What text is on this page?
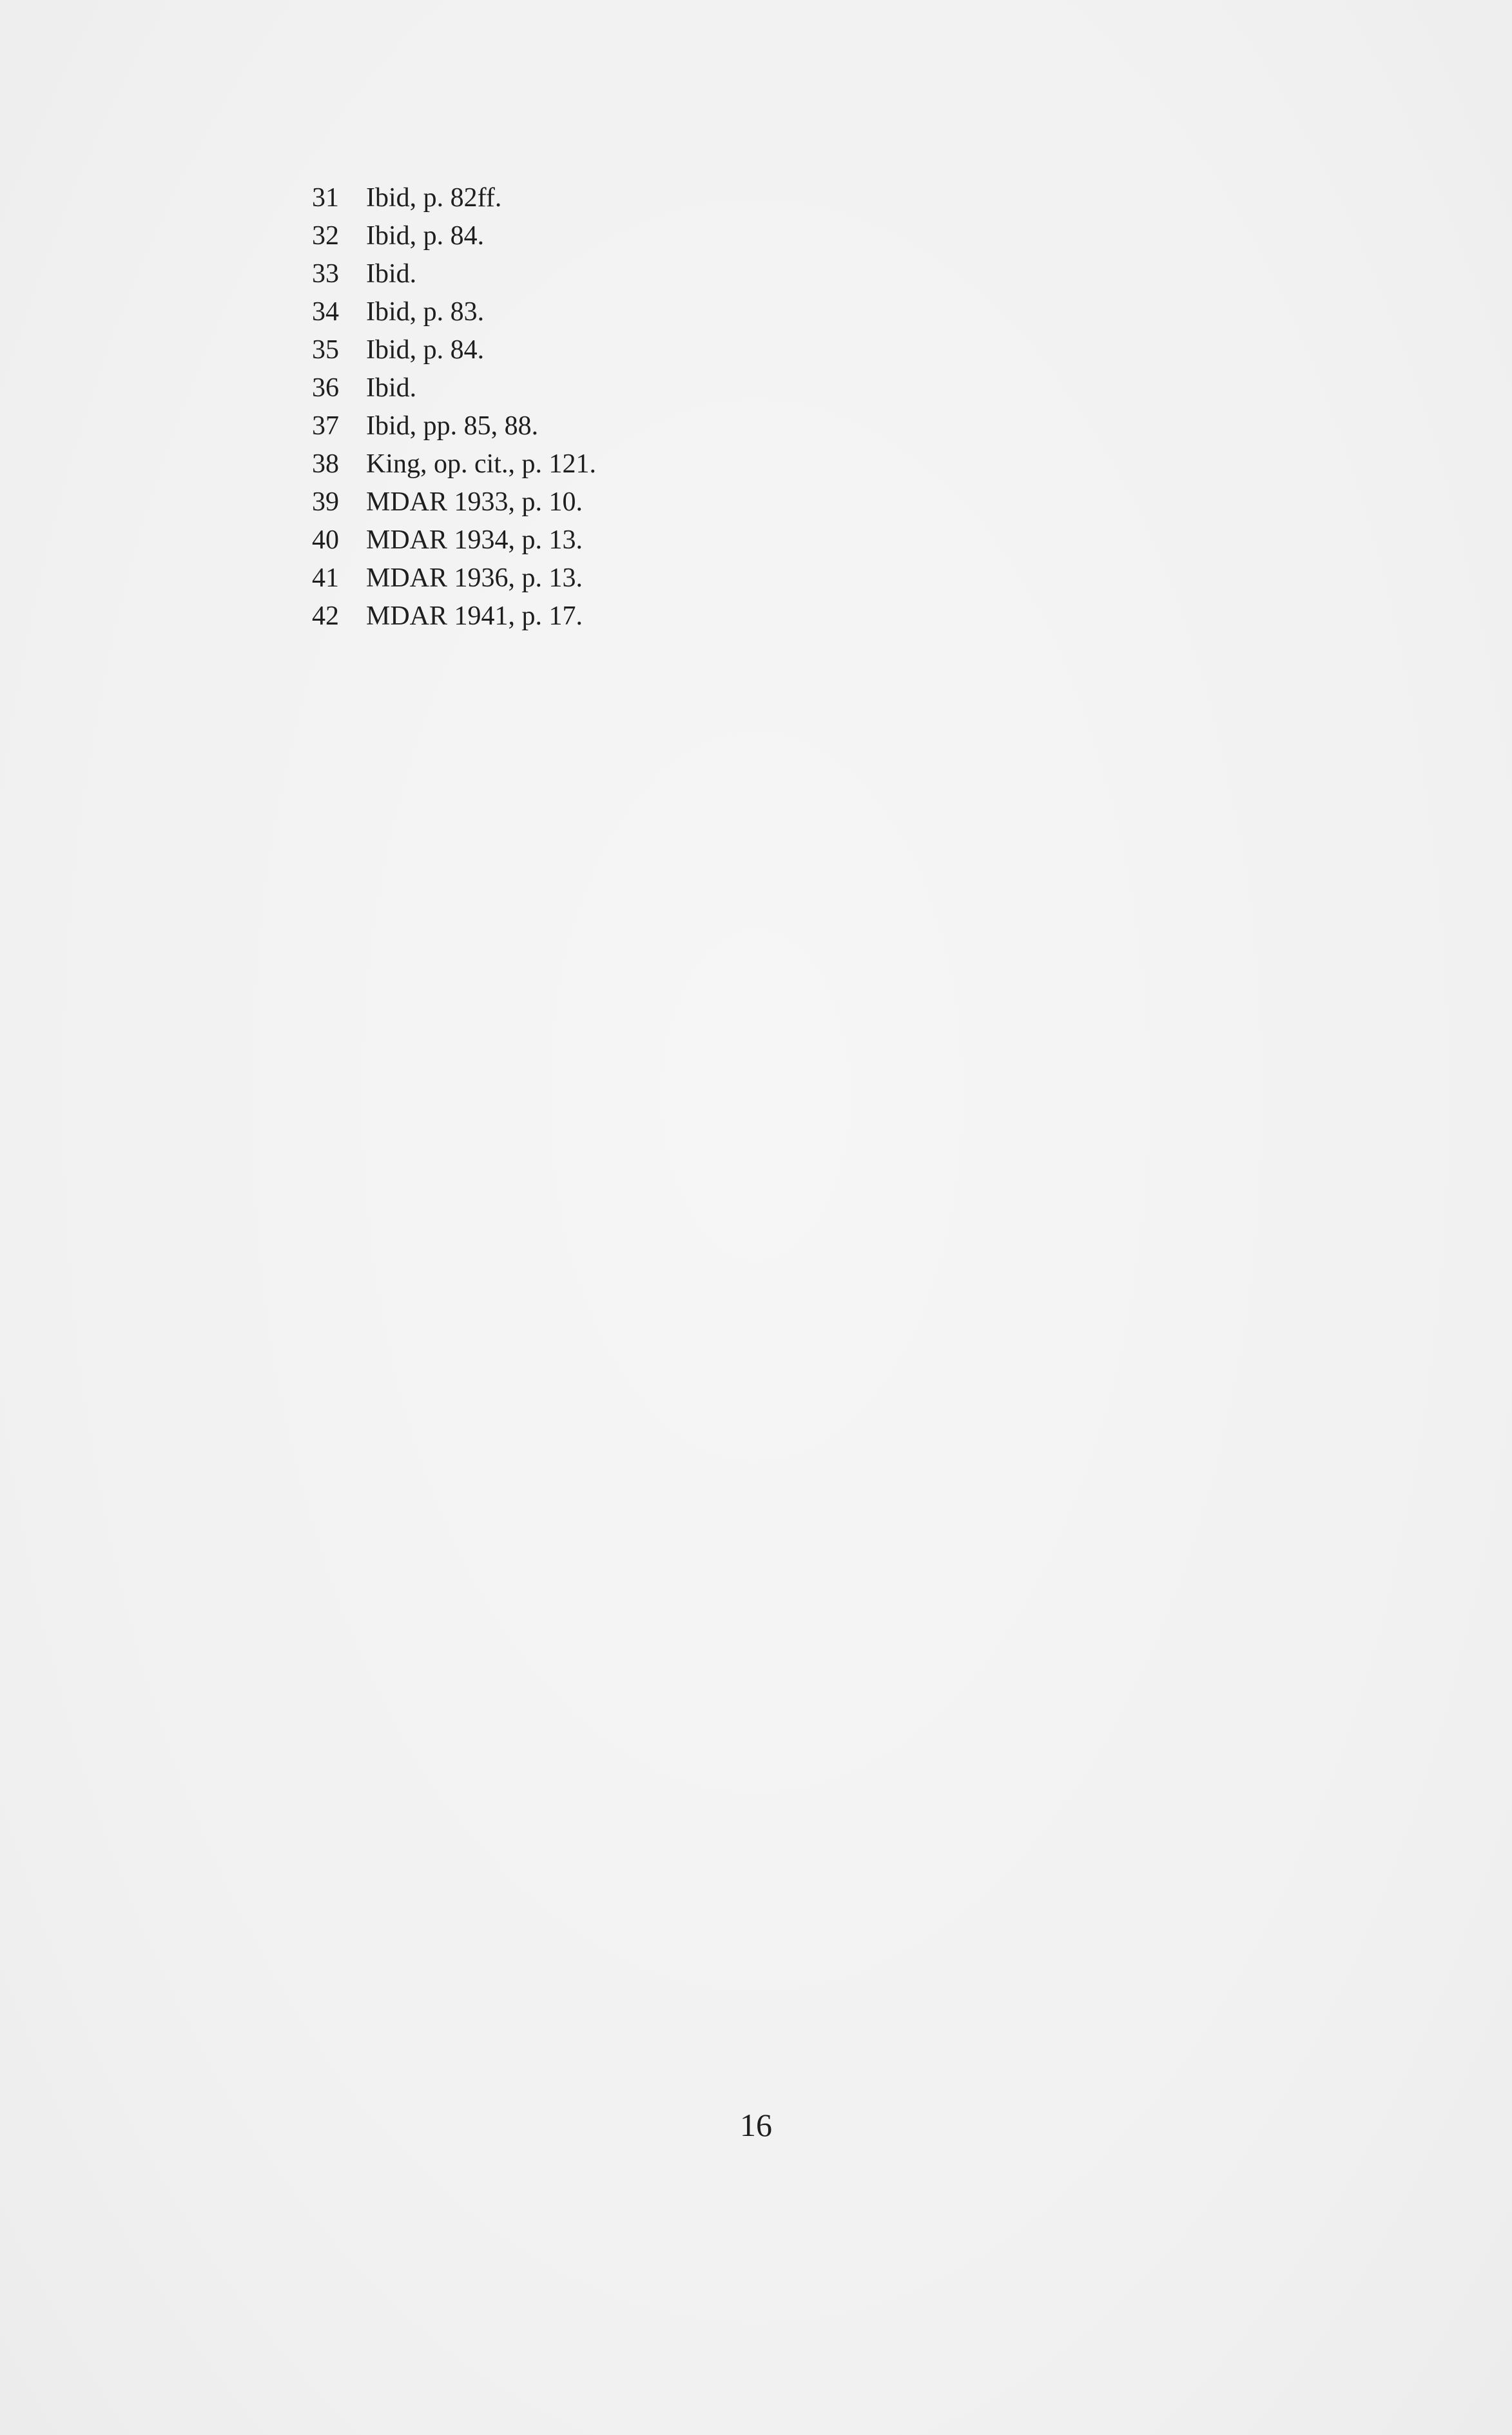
31 Ibid, p. 82ff.
32 Ibid, p. 84.
33 Ibid.
34 Ibid, p. 83.
35 Ibid, p. 84.
36 Ibid.
37 Ibid, pp. 85, 88.
38 King, op. cit., p. 121.
39 MDAR 1933, p. 10.
40 MDAR 1934, p. 13.
41 MDAR 1936, p. 13.
42 MDAR 1941, p. 17.
16
